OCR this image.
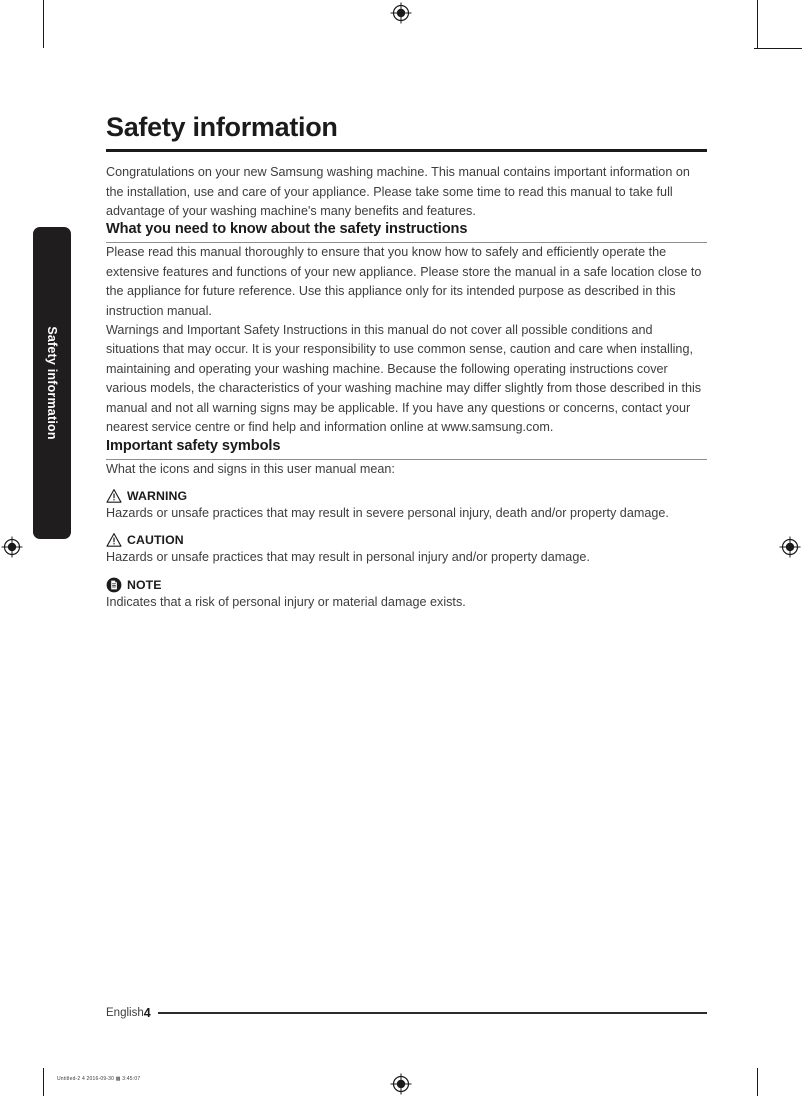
Untitled-2 4 2016-09-30 ▩ 3:45:07
Safety information
Safety information

Congratulations on your new Samsung washing machine. This manual contains important information on the installation, use and care of your appliance. Please take some time to read this manual to take full advantage of your washing machine's many benefits and features.

What you need to know about the safety instructions

Please read this manual thoroughly to ensure that you know how to safely and efficiently operate the extensive features and functions of your new appliance. Please store the manual in a safe location close to the appliance for future reference. Use this appliance only for its intended purpose as described in this instruction manual.

Warnings and Important Safety Instructions in this manual do not cover all possible conditions and situations that may occur. It is your responsibility to use common sense, caution and care when installing, maintaining and operating your washing machine. Because the following operating instructions cover various models, the characteristics of your washing machine may differ slightly from those described in this manual and not all warning signs may be applicable. If you have any questions or concerns, contact your nearest service centre or find help and information online at www.samsung.com.

Important safety symbols

What the icons and signs in this user manual mean:

WARNING

Hazards or unsafe practices that may result in severe personal injury, death and/or property damage.

CAUTION

Hazards or unsafe practices that may result in personal injury and/or property damage.

NOTE

Indicates that a risk of personal injury or material damage exists.

English 4
